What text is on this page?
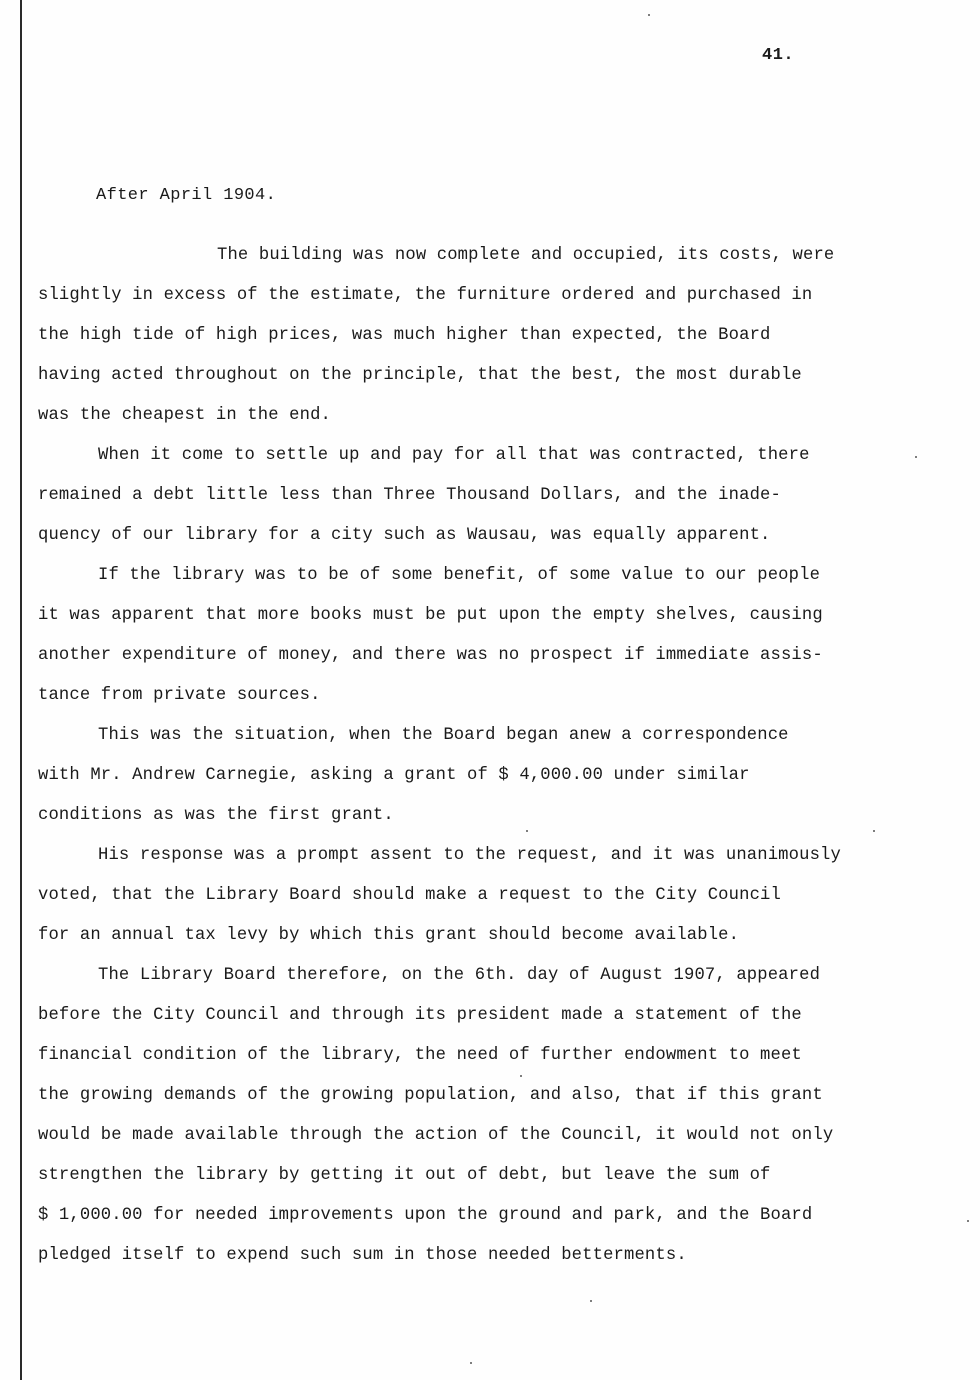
41.
After April 1904.
The building was now complete and occupied, its costs, were
slightly in excess of the estimate, the furniture ordered and purchased in
the high tide of high prices, was much higher than expected, the Board
having acted throughout on the principle, that the best, the most durable
was the cheapest in the end.
When it come to settle up and pay for all that was contracted, there
remained a debt little less than Three Thousand Dollars, and the inade-
quency of our library for a city such as Wausau, was equally apparent.
If the library was to be of some benefit, of some value to our people
it was apparent that more books must be put upon the empty shelves, causing
another expenditure of money, and there was no prospect if immediate assis-
tance from private sources.
This was the situation, when the Board began anew a correspondence
with Mr. Andrew Carnegie, asking a grant of $ 4,000.00 under similar
conditions as was the first grant.
His response was a prompt assent to the request, and it was unanimously
voted, that the Library Board should make a request to the City Council
for an annual tax levy by which this grant should become available.
The Library Board therefore, on the 6th. day of August 1907, appeared
before the City Council and through its president made a statement of the
financial condition of the library, the need of further endowment to meet
the growing demands of the growing population, and also, that if this grant
would be made available through the action of the Council, it would not only
strengthen the library by getting it out of debt, but leave the sum of
$ 1,000.00 for needed improvements upon the ground and park, and the Board
pledged itself to expend such sum in those needed betterments.
